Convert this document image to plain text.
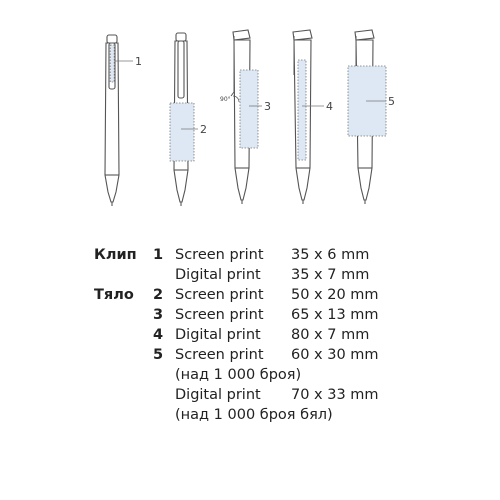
1
2
3	4	5
90°
Клип
Тяло
1 Screen print 35 x 6 mm
Digital print 35 x 7 mm
2 Screen print 50 x 20 mm
3 Screen print 65 x 13 mm
4 Digital print 80 x 7 mm
5 Screen print 60 x 30 mm
(над 1 000 броя)
Digital print 70 x 33 mm
(над 1 000 броя бял)
